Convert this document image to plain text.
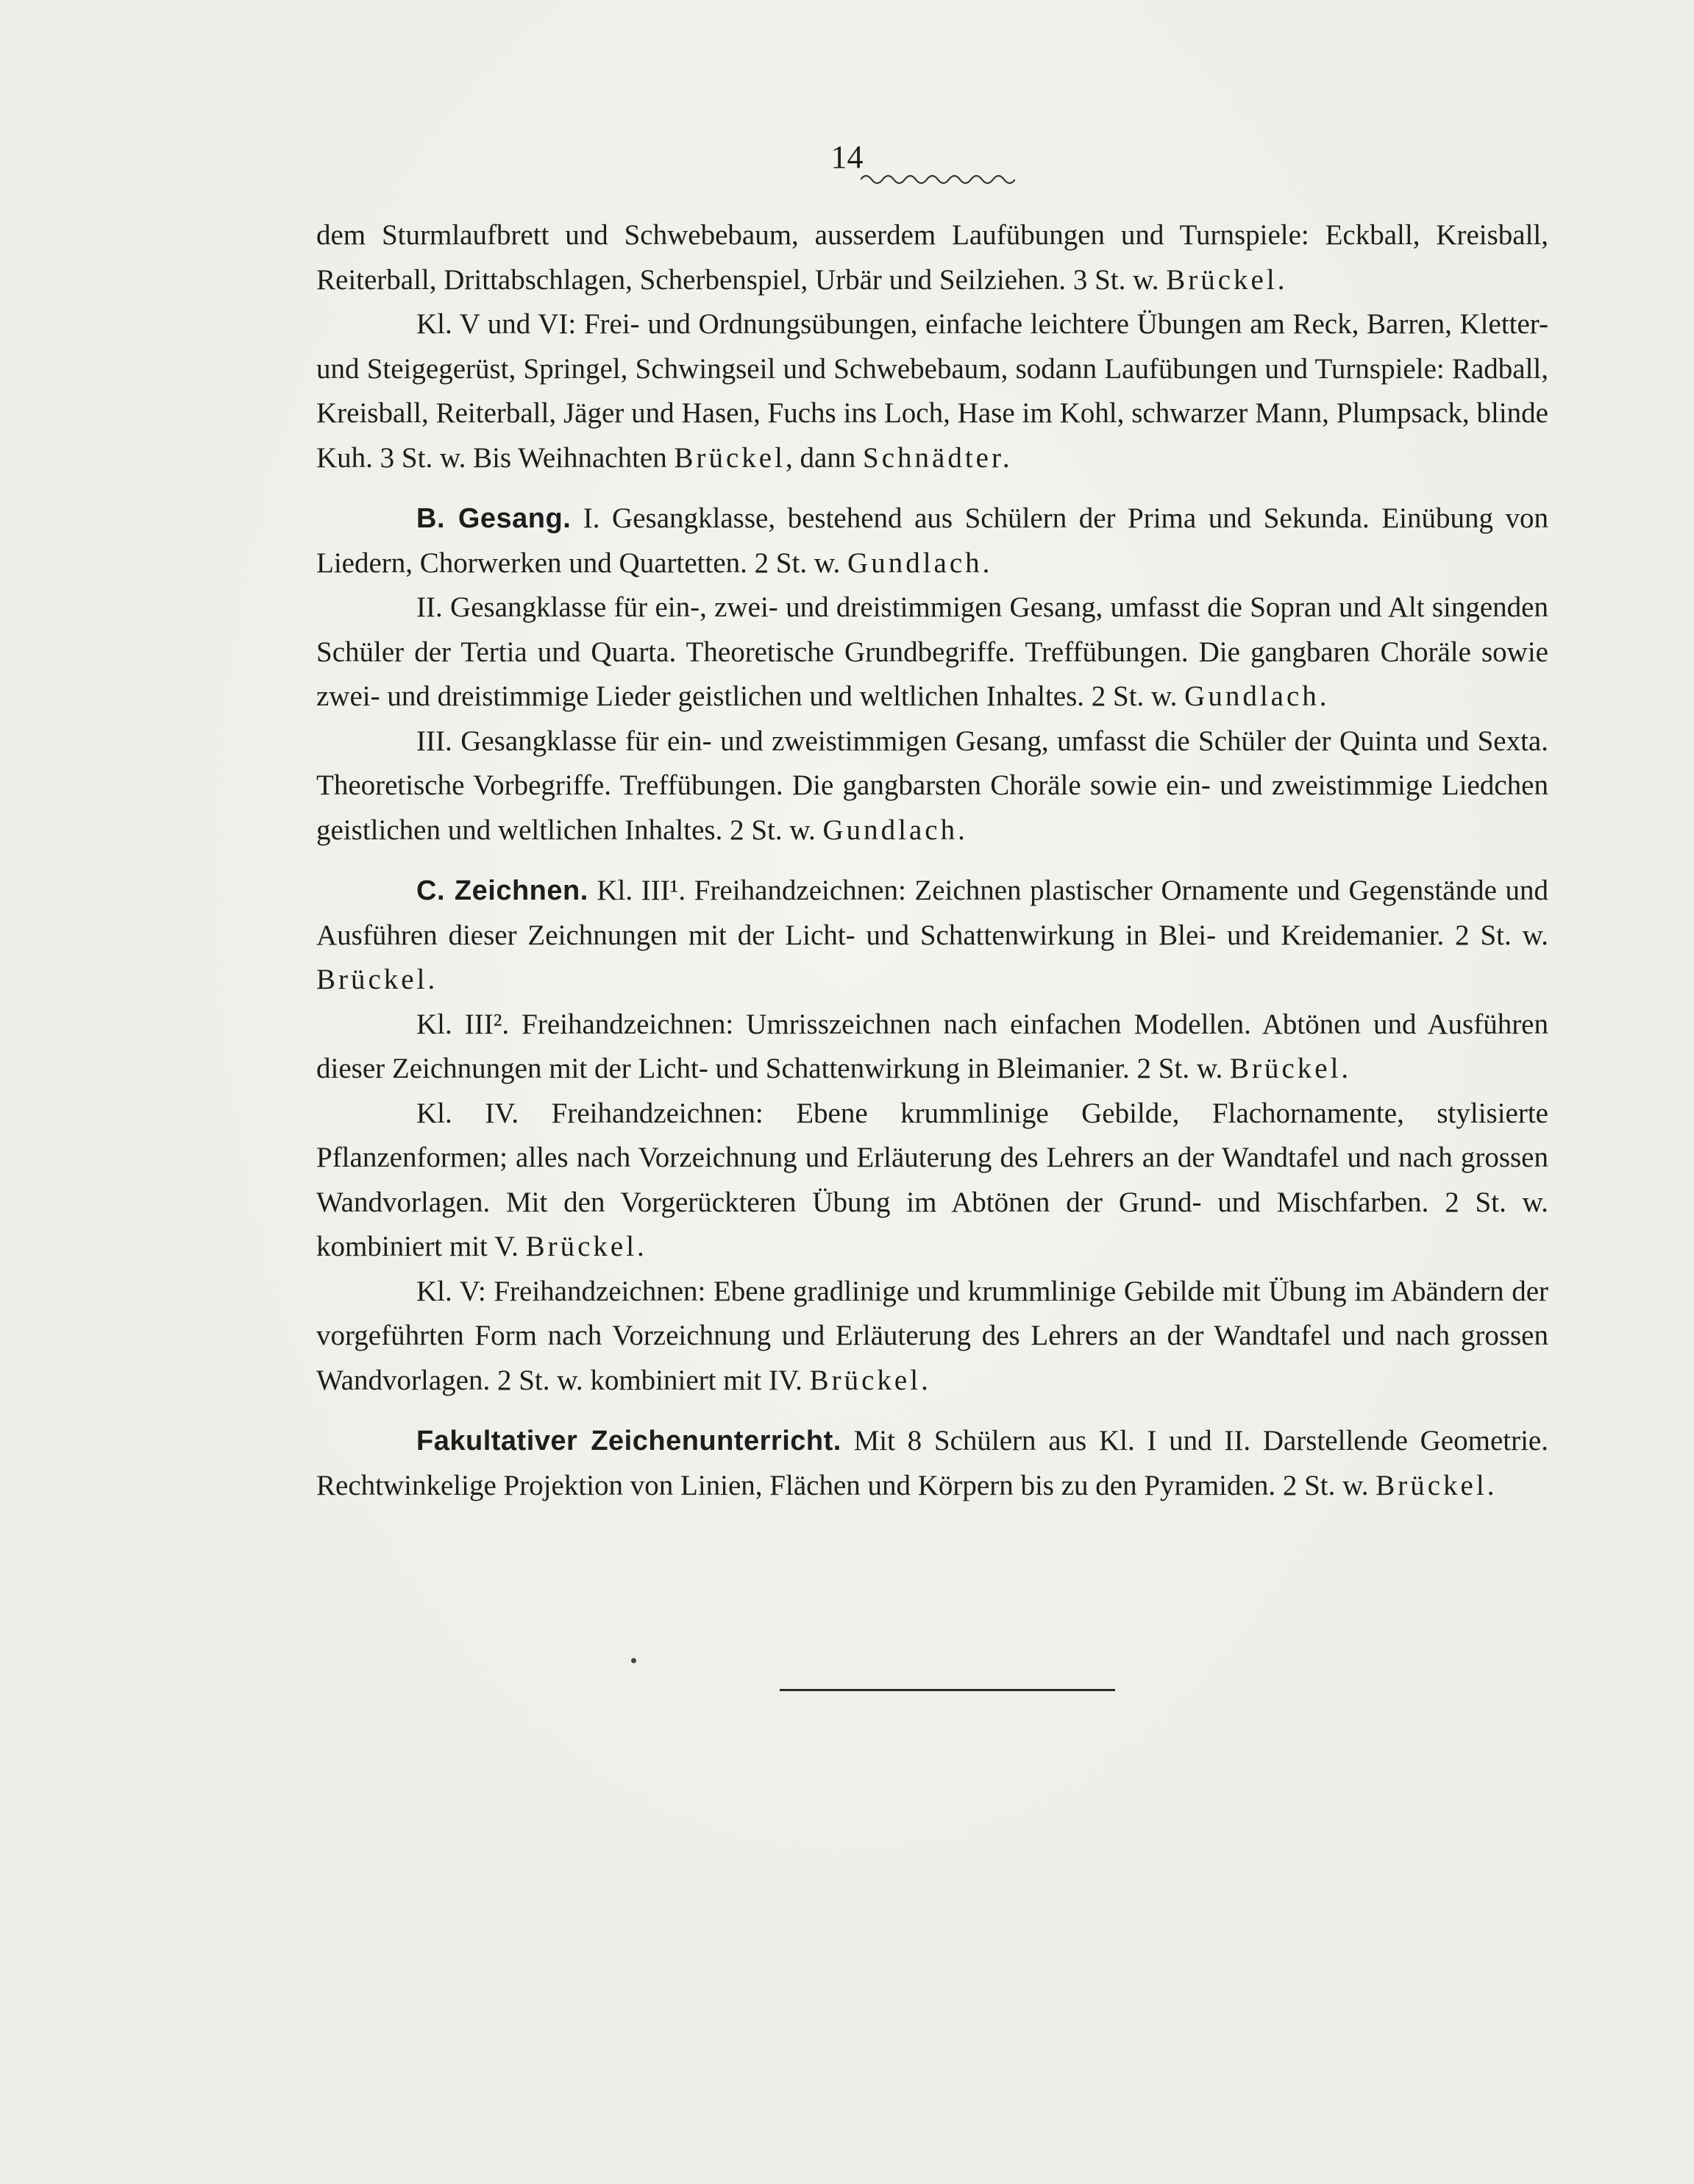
14

dem Sturmlaufbrett und Schwebebaum, ausserdem Laufübungen und Turnspiele: Eckball, Kreisball, Reiterball, Drittabschlagen, Scherbenspiel, Urbär und Seilziehen. 3 St. w. Brückel.

Kl. V und VI: Frei- und Ordnungsübungen, einfache leichtere Übungen am Reck, Barren, Kletter- und Steigegerüst, Springel, Schwingseil und Schwebebaum, sodann Laufübungen und Turnspiele: Radball, Kreisball, Reiterball, Jäger und Hasen, Fuchs ins Loch, Hase im Kohl, schwarzer Mann, Plumpsack, blinde Kuh. 3 St. w. Bis Weihnachten Brückel, dann Schnädter.

B. Gesang. I. Gesangklasse, bestehend aus Schülern der Prima und Sekunda. Einübung von Liedern, Chorwerken und Quartetten. 2 St. w. Gundlach.

II. Gesangklasse für ein-, zwei- und dreistimmigen Gesang, umfasst die Sopran und Alt singenden Schüler der Tertia und Quarta. Theoretische Grundbegriffe. Treffübungen. Die gangbaren Choräle sowie zwei- und dreistimmige Lieder geistlichen und weltlichen Inhaltes. 2 St. w. Gundlach.

III. Gesangklasse für ein- und zweistimmigen Gesang, umfasst die Schüler der Quinta und Sexta. Theoretische Vorbegriffe. Treffübungen. Die gangbarsten Choräle sowie ein- und zweistimmige Liedchen geistlichen und weltlichen Inhaltes. 2 St. w. Gundlach.

C. Zeichnen. Kl. III¹. Freihandzeichnen: Zeichnen plastischer Ornamente und Gegenstände und Ausführen dieser Zeichnungen mit der Licht- und Schattenwirkung in Blei- und Kreidemanier. 2 St. w. Brückel.

Kl. III². Freihandzeichnen: Umrisszeichnen nach einfachen Modellen. Abtönen und Ausführen dieser Zeichnungen mit der Licht- und Schattenwirkung in Bleimanier. 2 St. w. Brückel.

Kl. IV. Freihandzeichnen: Ebene krummlinige Gebilde, Flachornamente, stylisierte Pflanzenformen; alles nach Vorzeichnung und Erläuterung des Lehrers an der Wandtafel und nach grossen Wandvorlagen. Mit den Vorgerückteren Übung im Abtönen der Grund- und Mischfarben. 2 St. w. kombiniert mit V. Brückel.

Kl. V: Freihandzeichnen: Ebene gradlinige und krummlinige Gebilde mit Übung im Abändern der vorgeführten Form nach Vorzeichnung und Erläuterung des Lehrers an der Wandtafel und nach grossen Wandvorlagen. 2 St. w. kombiniert mit IV. Brückel.

Fakultativer Zeichenunterricht. Mit 8 Schülern aus Kl. I und II. Darstellende Geometrie. Rechtwinkelige Projektion von Linien, Flächen und Körpern bis zu den Pyramiden. 2 St. w. Brückel.
